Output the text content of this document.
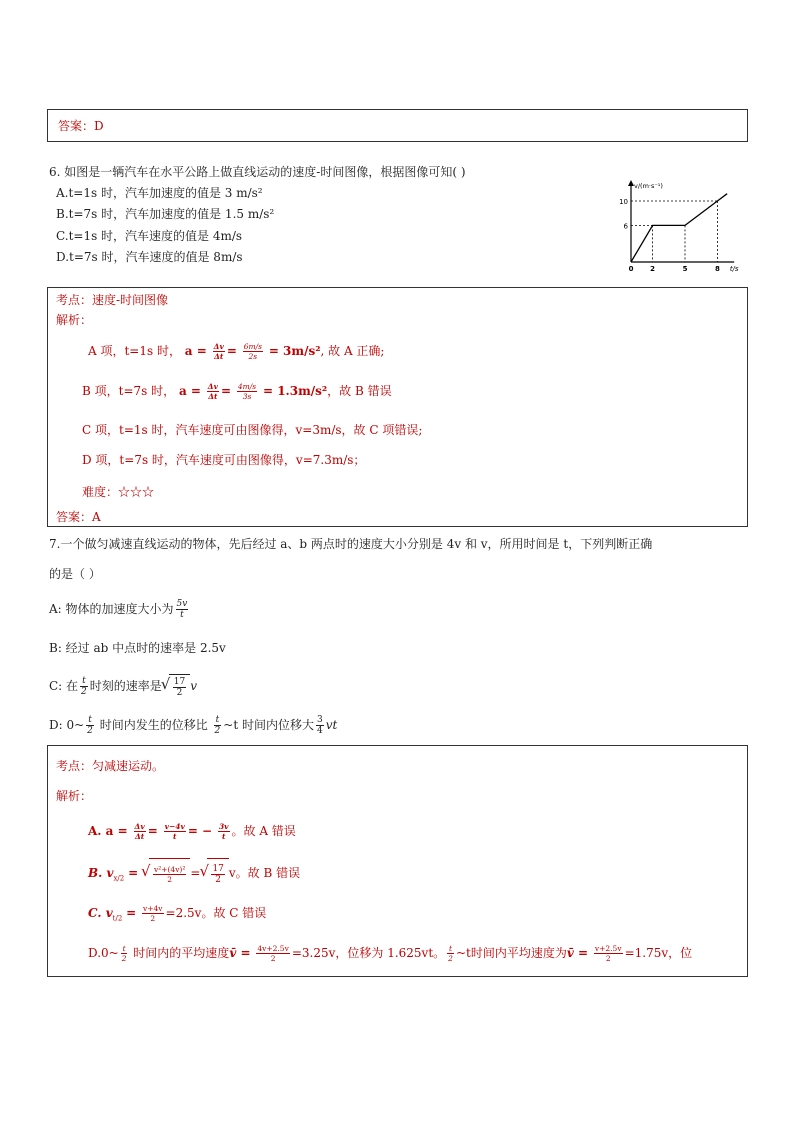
答案：D
6. 如图是一辆汽车在水平公路上做直线运动的速度-时间图像，根据图像可知( )
A.t=1s 时，汽车加速度的值是 3 m/s²
B.t=7s 时，汽车加速度的值是 1.5 m/s²
C.t=1s 时，汽车速度的值是 4m/s
D.t=7s 时，汽车速度的值是 8m/s
6
10
0 2	5	8 t/s
v/(m·s⁻¹)
考点：速度-时间图像
解析：
A 项，t=1s 时， $a = \frac{\Delta v}{\Delta t} = \frac{6m/s}{2s} = 3m/s^2$, 故 A 正确;
B 项，t=7s 时， $a = \frac{\Delta v}{\Delta t} = \frac{4m/s}{3s} = 1.3m/s^2$，故 B 错误
C 项，t=1s 时，汽车速度可由图像得，v=3m/s，故 C 项错误;
D 项，t=7s 时，汽车速度可由图像得，v=7.3m/s；
难度：☆☆☆
答案：A
7.一个做匀减速直线运动的物体，先后经过 a、b 两点时的速度大小分别是 4v 和 v，所用时间是 t，下列判断正确
的是（ ）
A: 物体的加速度大小为 $\frac{5v}{t}$
B: 经过 ab 中点时的速率是 2.5v
C: 在 $\frac{t}{2}$ 时刻的速率是 √ $\frac{17}{2}$ v
D: 0~ $\frac{t}{2}$ 时间内发生的位移比 $\frac{t}{2}$ ~t 时间内位移大 $\frac{3}{4}$ vt
考点：匀减速运动。
解析：
A. $a = \frac{\Delta v}{\Delta t} = \frac{v-4v}{t}$ = − $\frac{3v}{t}$ 。故 A 错误
B. $v_{x/2}$ = √ $\frac{\text{v²+(4v)²}}{2}$ = √ $\frac{17}{2}$ v。故 B 错误
C. $v_{t/2} = \frac{v+4v}{2} =2.5v$。故 C 错误
D.0~ $\frac{t}{2}$ 时间内的平均速度v̄ = $\frac{4v+2.5v}{2} =3.25v$，位移为 1.625vt。 $\frac{t}{2}$ ~t时间内平均速度为v̄ = $\frac{v+2.5v}{2} =1.75v$，位
